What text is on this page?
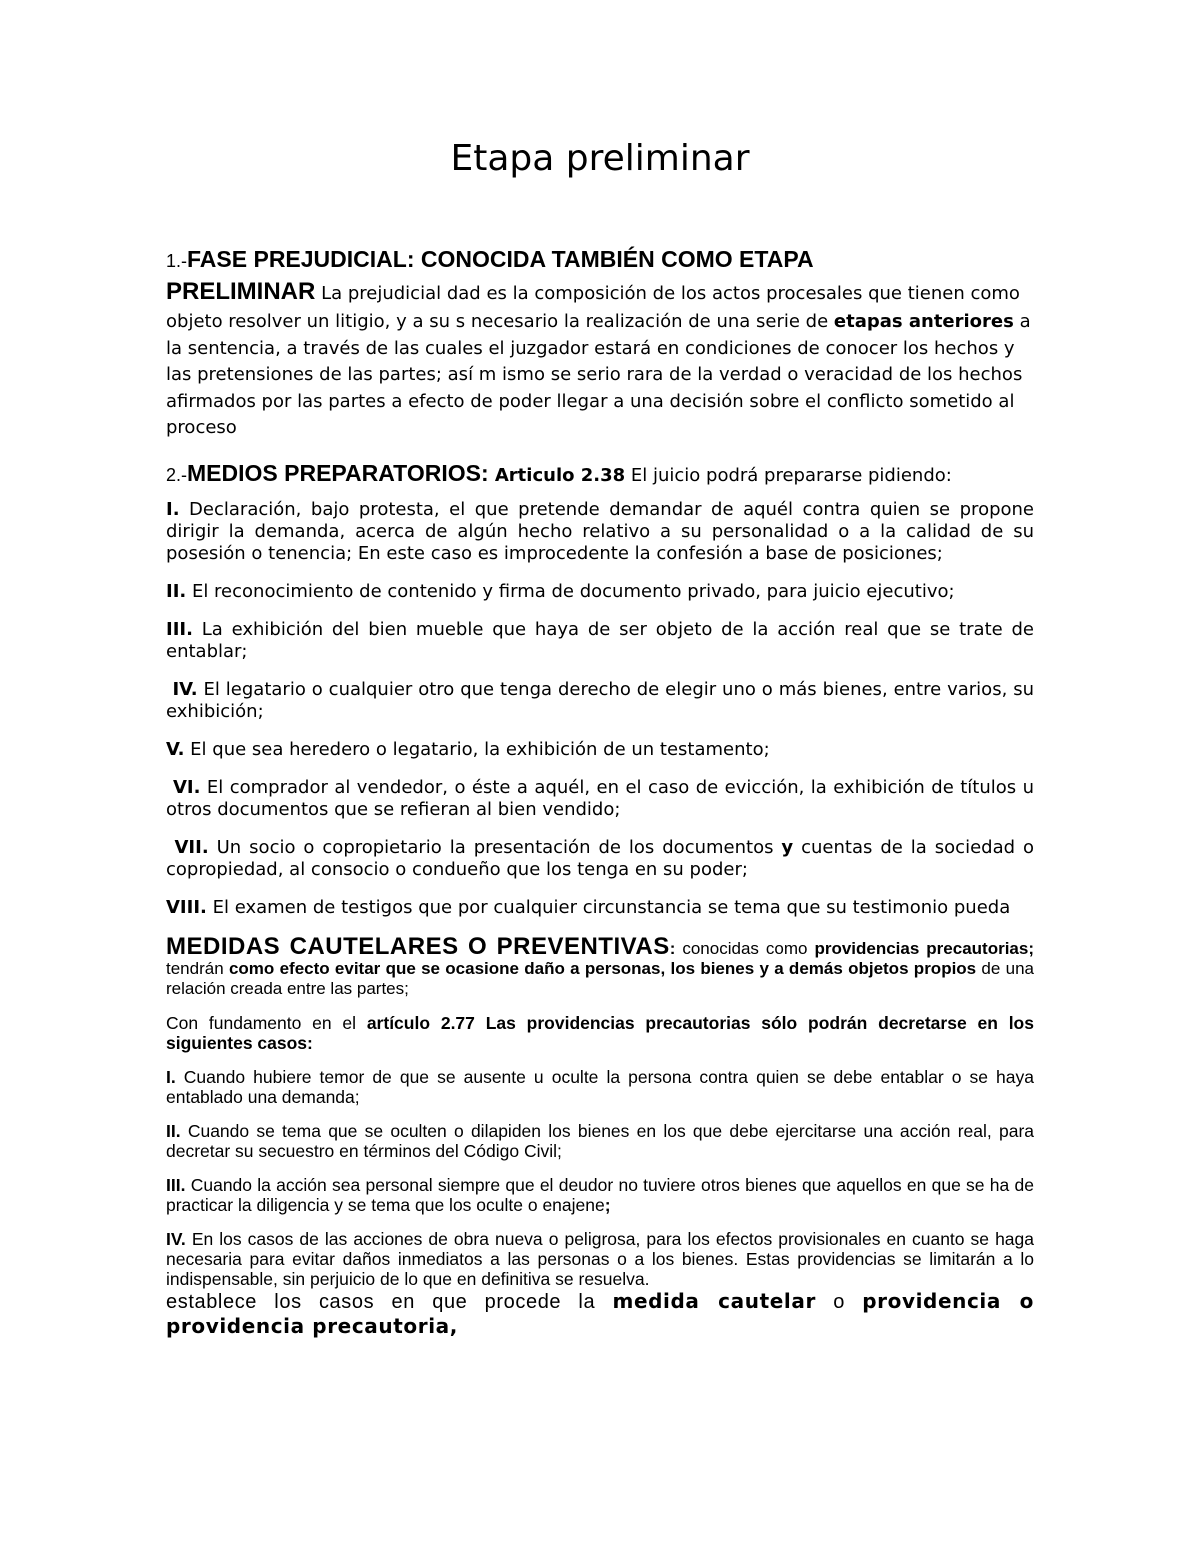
Etapa preliminar

1.-FASE PREJUDICIAL: CONOCIDA TAMBIÉN COMO ETAPA
PRELIMINAR La prejudicial dad es la composición de los actos procesales que tienen como objeto resolver un litigio, y a su s necesario la realización de una serie de etapas anteriores a la sentencia, a través de las cuales el juzgador estará en condiciones de conocer los hechos y las pretensiones de las partes; así m ismo se serio rara de la verdad o veracidad de los hechos afirmados por las partes a efecto de poder llegar a una decisión sobre el conflicto sometido al proceso

2.-MEDIOS PREPARATORIOS: Articulo 2.38 El juicio podrá prepararse pidiendo:

I. Declaración, bajo protesta, el que pretende demandar de aquél contra quien se propone dirigir la demanda, acerca de algún hecho relativo a su personalidad o a la calidad de su posesión o tenencia; En este caso es improcedente la confesión a base de posiciones;

II. El reconocimiento de contenido y firma de documento privado, para juicio ejecutivo;

III. La exhibición del bien mueble que haya de ser objeto de la acción real que se trate de entablar;

IV. El legatario o cualquier otro que tenga derecho de elegir uno o más bienes, entre varios, su exhibición;

V. El que sea heredero o legatario, la exhibición de un testamento;

VI. El comprador al vendedor, o éste a aquél, en el caso de evicción, la exhibición de títulos u otros documentos que se refieran al bien vendido;

VII. Un socio o copropietario la presentación de los documentos y cuentas de la sociedad o copropiedad, al consocio o condueño que los tenga en su poder;

VIII. El examen de testigos que por cualquier circunstancia se tema que su testimonio pueda

MEDIDAS CAUTELARES O PREVENTIVAS: conocidas como providencias precautorias; tendrán como efecto evitar que se ocasione daño a personas, los bienes y a demás objetos propios de una relación creada entre las partes;

Con fundamento en el artículo 2.77 Las providencias precautorias sólo podrán decretarse en los siguientes casos:

I. Cuando hubiere temor de que se ausente u oculte la persona contra quien se debe entablar o se haya entablado una demanda;

II. Cuando se tema que se oculten o dilapiden los bienes en los que debe ejercitarse una acción real, para decretar su secuestro en términos del Código Civil;

III. Cuando la acción sea personal siempre que el deudor no tuviere otros bienes que aquellos en que se ha de practicar la diligencia y se tema que los oculte o enajene;

IV. En los casos de las acciones de obra nueva o peligrosa, para los efectos provisionales en cuanto se haga necesaria para evitar daños inmediatos a las personas o a los bienes. Estas providencias se limitarán a lo indispensable, sin perjuicio de lo que en definitiva se resuelva.
establece los casos en que procede la medida cautelar o providencia o providencia precautoria,
